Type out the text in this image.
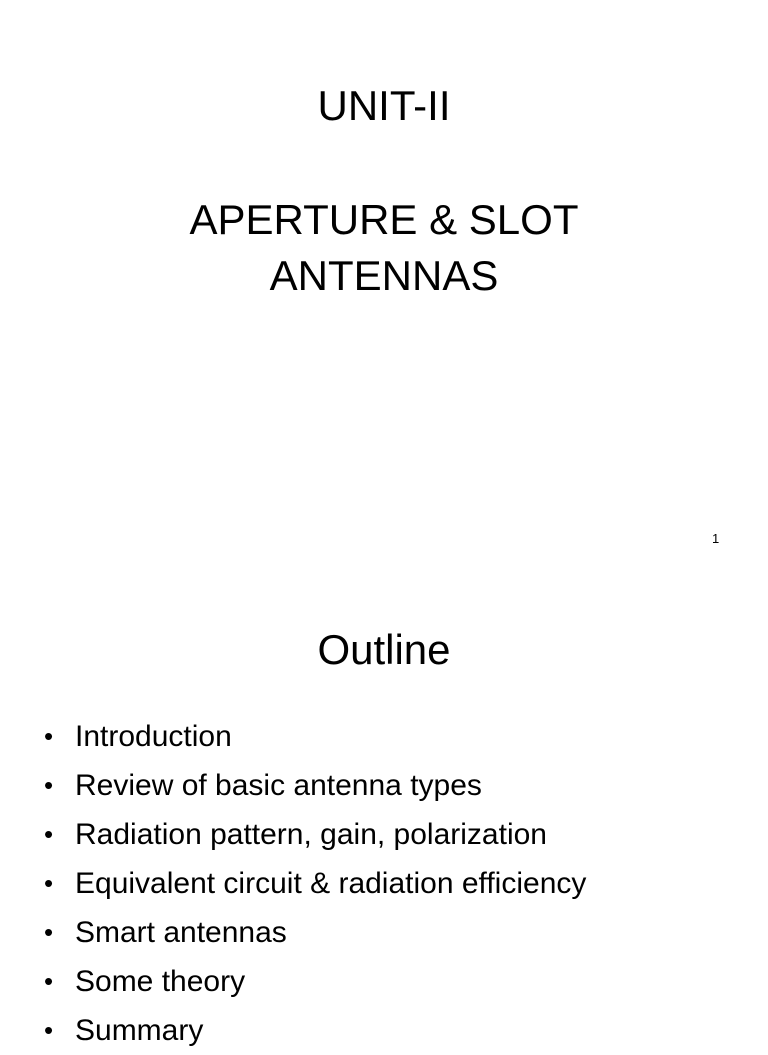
UNIT-II
APERTURE & SLOT
ANTENNAS
1
Outline
• Introduction
• Review of basic antenna types
• Radiation pattern, gain, polarization
• Equivalent circuit & radiation efficiency
• Smart antennas
• Some theory
• Summary
